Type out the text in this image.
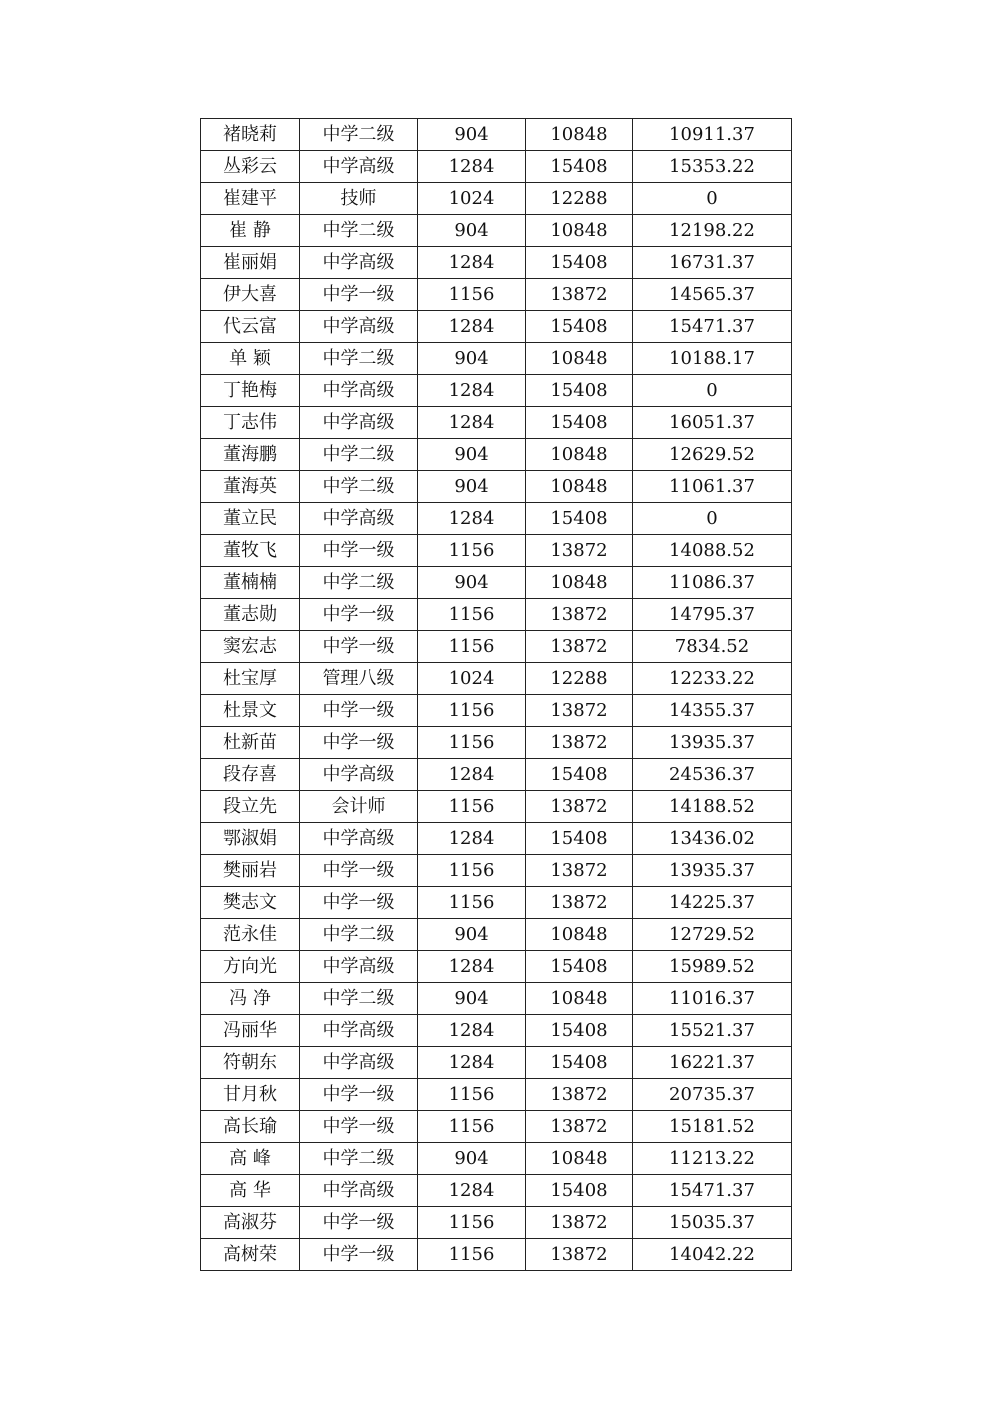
褚晓莉	中学二级	904	10848	10911.37
丛彩云	中学高级	1284	15408	15353.22
崔建平	技师	1024	12288	0
崔 静	中学二级	904	10848	12198.22
崔丽娟	中学高级	1284	15408	16731.37
伊大喜	中学一级	1156	13872	14565.37
代云富	中学高级	1284	15408	15471.37
单 颖	中学二级	904	10848	10188.17
丁艳梅	中学高级	1284	15408	0
丁志伟	中学高级	1284	15408	16051.37
董海鹏	中学二级	904	10848	12629.52
董海英	中学二级	904	10848	11061.37
董立民	中学高级	1284	15408	0
董牧飞	中学一级	1156	13872	14088.52
董楠楠	中学二级	904	10848	11086.37
董志勋	中学一级	1156	13872	14795.37
窦宏志	中学一级	1156	13872	7834.52
杜宝厚	管理八级	1024	12288	12233.22
杜景文	中学一级	1156	13872	14355.37
杜新苗	中学一级	1156	13872	13935.37
段存喜	中学高级	1284	15408	24536.37
段立先	会计师	1156	13872	14188.52
鄂淑娟	中学高级	1284	15408	13436.02
樊丽岩	中学一级	1156	13872	13935.37
樊志文	中学一级	1156	13872	14225.37
范永佳	中学二级	904	10848	12729.52
方向光	中学高级	1284	15408	15989.52
冯 净	中学二级	904	10848	11016.37
冯丽华	中学高级	1284	15408	15521.37
符朝东	中学高级	1284	15408	16221.37
甘月秋	中学一级	1156	13872	20735.37
高长瑜	中学一级	1156	13872	15181.52
高 峰	中学二级	904	10848	11213.22
高 华	中学高级	1284	15408	15471.37
高淑芬	中学一级	1156	13872	15035.37
高树荣	中学一级	1156	13872	14042.22
